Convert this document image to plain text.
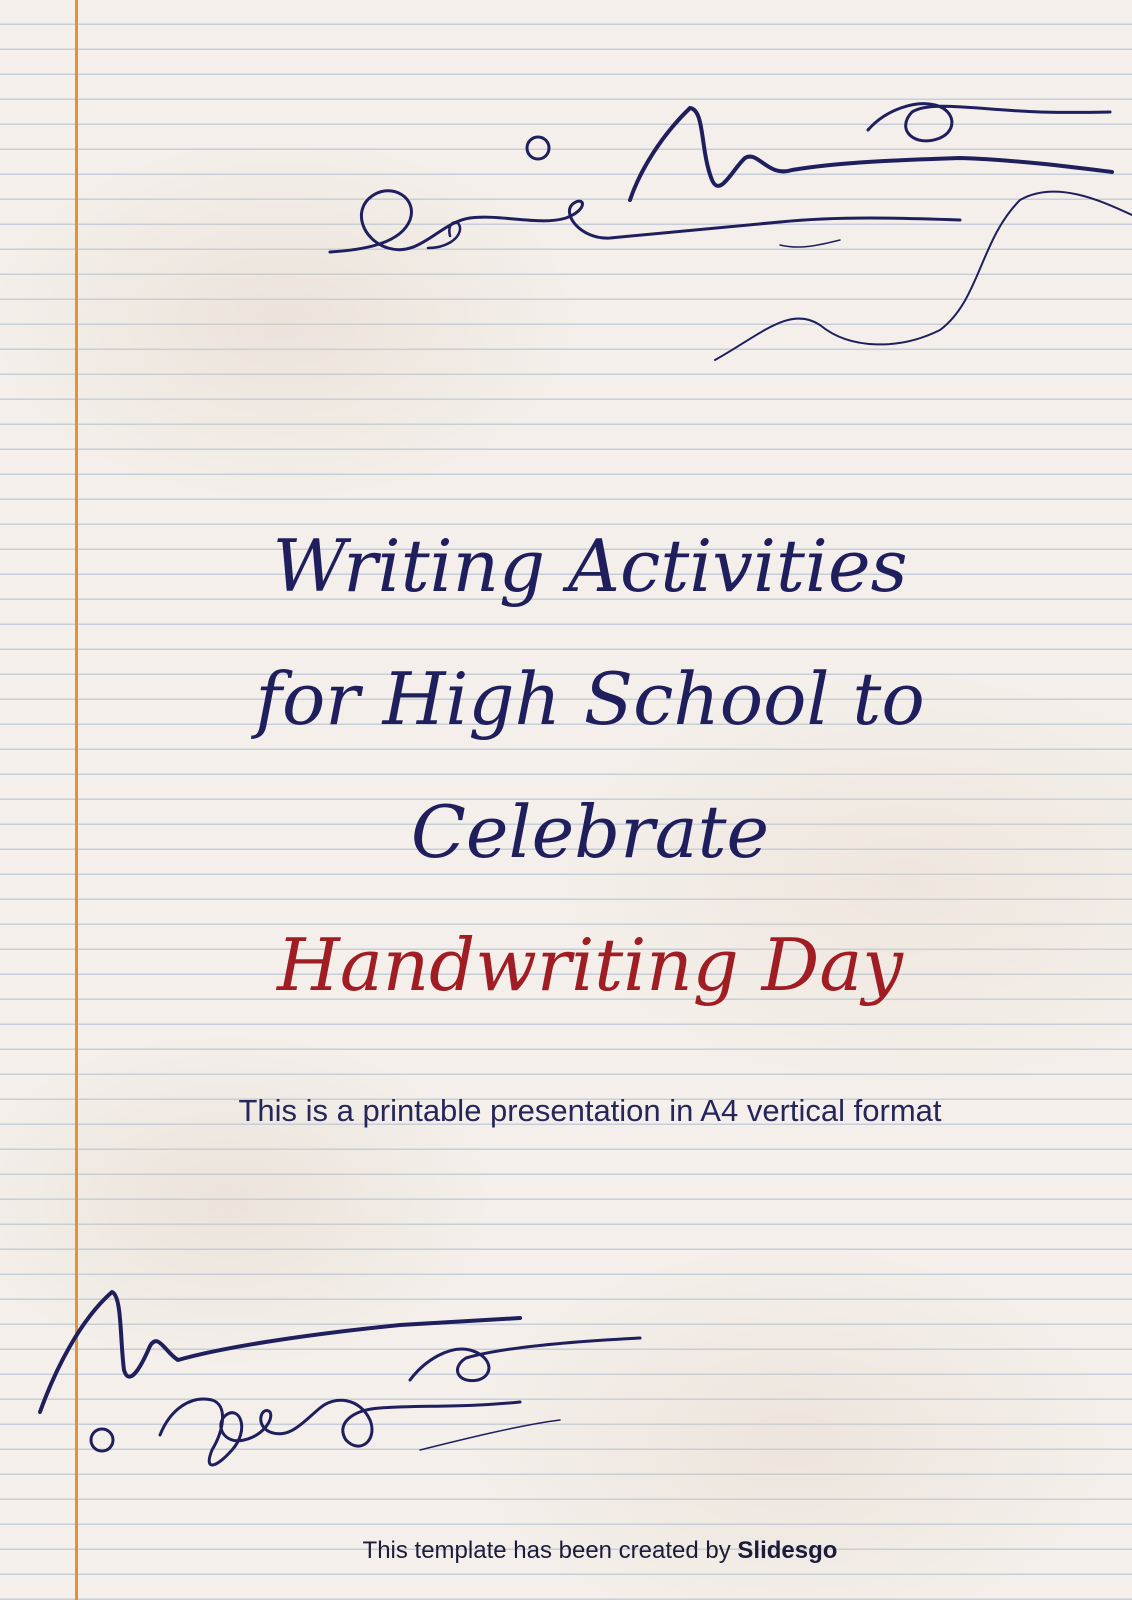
Writing Activities
for High School to
Celebrate
Handwriting Day

This is a printable presentation in A4 vertical format

This template has been created by Slidesgo
